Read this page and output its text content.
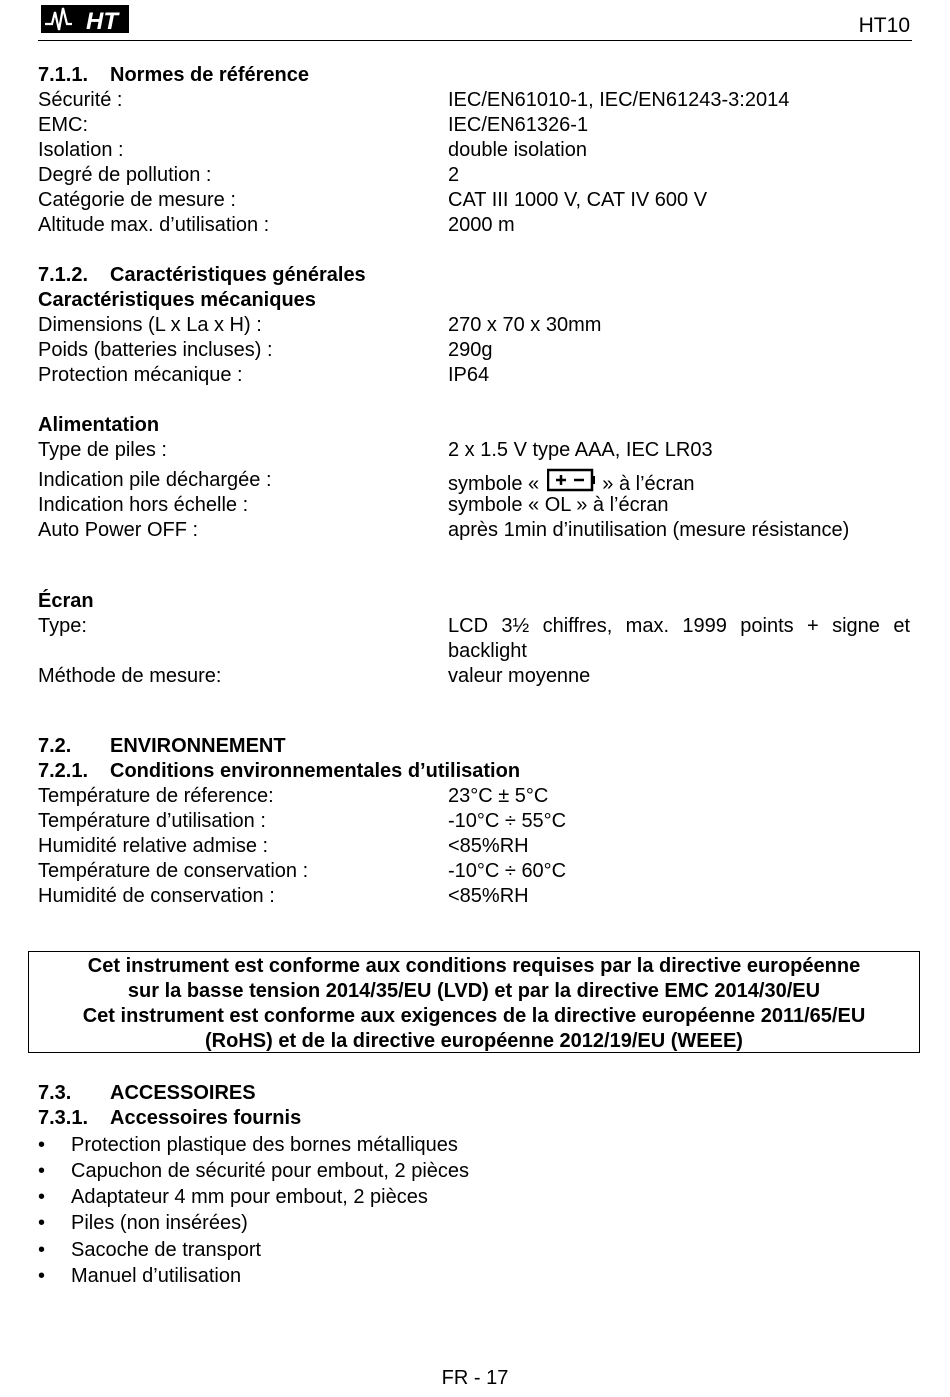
HT	HT10
7.1.1. Normes de référence
Sécurité :	IEC/EN61010-1, IEC/EN61243-3:2014
EMC:	IEC/EN61326-1
Isolation :	double isolation
Degré de pollution :	2
Catégorie de mesure :	CAT III 1000 V, CAT IV 600 V
Altitude max. d’utilisation :	2000 m
7.1.2. Caractéristiques générales
Caractéristiques mécaniques
Dimensions (L x La x H) :	270 x 70 x 30mm
Poids (batteries incluses) :	290g
Protection mécanique :	IP64
Alimentation
Type de piles :	2 x 1.5 V type AAA, IEC LR03
Indication pile déchargée :	symbole «	» à l’écran
Indication hors échelle :	symbole « OL » à l’écran
Auto Power OFF :	après 1min d’inutilisation (mesure résistance)
Écran
Type:	LCD 3½ chiffres, max. 1999 points + signe et
backlight
Méthode de mesure:	valeur moyenne
7.2. ENVIRONNEMENT
7.2.1. Conditions environnementales d’utilisation
Température de réference:	23°C ± 5°C
Température d’utilisation :	-10°C ÷ 55°C
Humidité relative admise :	<85%RH
Température de conservation :	-10°C ÷ 60°C
Humidité de conservation :	<85%RH
Cet instrument est conforme aux conditions requises par la directive européenne
sur la basse tension 2014/35/EU (LVD) et par la directive EMC 2014/30/EU
Cet instrument est conforme aux exigences de la directive européenne 2011/65/EU
(RoHS) et de la directive européenne 2012/19/EU (WEEE)
7.3. ACCESSOIRES
7.3.1. Accessoires fournis
• Protection plastique des bornes métalliques
• Capuchon de sécurité pour embout, 2 pièces
• Adaptateur 4 mm pour embout, 2 pièces
• Piles (non insérées)
• Sacoche de transport
• Manuel d’utilisation
FR - 17
